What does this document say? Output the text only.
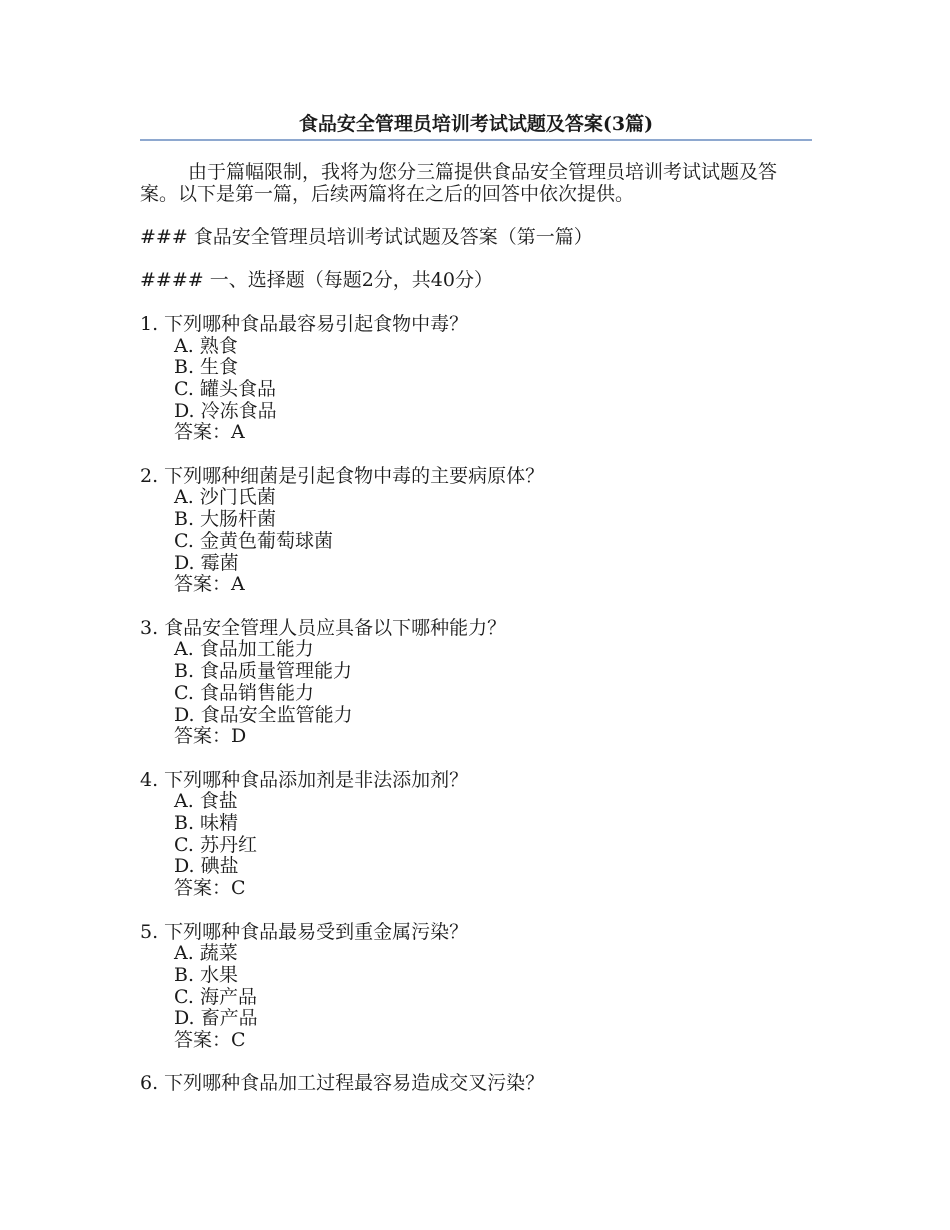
食品安全管理员培训考试试题及答案(3篇)

由于篇幅限制，我将为您分三篇提供食品安全管理员培训考试试题及答案。以下是第一篇，后续两篇将在之后的回答中依次提供。

### 食品安全管理员培训考试试题及答案（第一篇）
#### 一、选择题（每题2分，共40分）
1. 下列哪种食品最容易引起食物中毒？
A. 熟食
B. 生食
C. 罐头食品
D. 冷冻食品
答案：A
2. 下列哪种细菌是引起食物中毒的主要病原体？
A. 沙门氏菌
B. 大肠杆菌
C. 金黄色葡萄球菌
D. 霉菌
答案：A
3. 食品安全管理人员应具备以下哪种能力？
A. 食品加工能力
B. 食品质量管理能力
C. 食品销售能力
D. 食品安全监管能力
答案：D
4. 下列哪种食品添加剂是非法添加剂？
A. 食盐
B. 味精
C. 苏丹红
D. 碘盐
答案：C
5. 下列哪种食品最易受到重金属污染？
A. 蔬菜
B. 水果
C. 海产品
D. 畜产品
答案：C
6. 下列哪种食品加工过程最容易造成交叉污染？
